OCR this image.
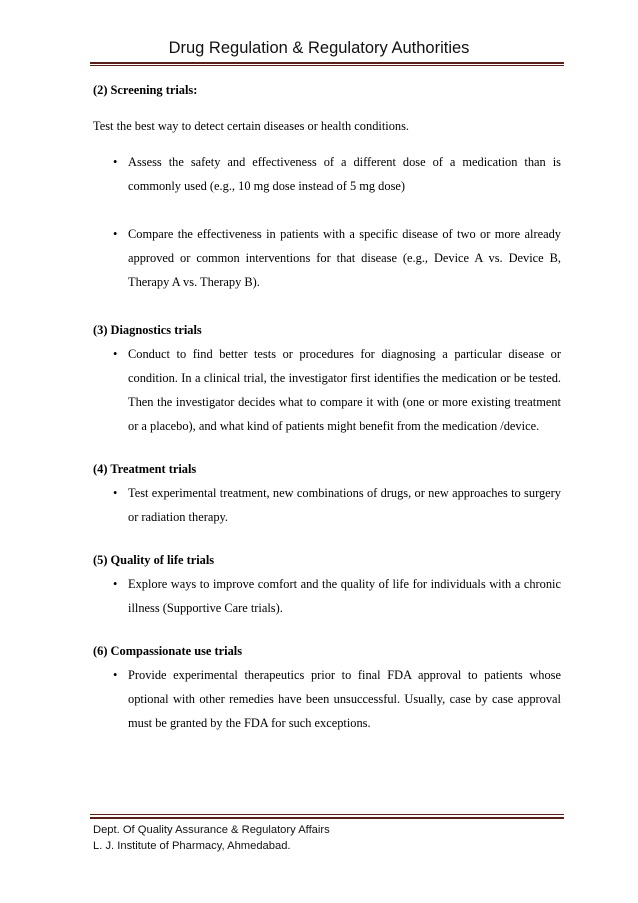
Drug Regulation & Regulatory Authorities
(2) Screening trials:
Test the best way to detect certain diseases or health conditions.
• Assess the safety and effectiveness of a different dose of a medication than is commonly used (e.g., 10 mg dose instead of 5 mg dose)
• Compare the effectiveness in patients with a specific disease of two or more already approved or common interventions for that disease (e.g., Device A vs. Device B, Therapy A vs. Therapy B).
(3) Diagnostics trials
• Conduct to find better tests or procedures for diagnosing a particular disease or condition. In a clinical trial, the investigator first identifies the medication or be tested. Then the investigator decides what to compare it with (one or more existing treatment or a placebo), and what kind of patients might benefit from the medication /device.
(4) Treatment trials
• Test experimental treatment, new combinations of drugs, or new approaches to surgery or radiation therapy.
(5) Quality of life trials
• Explore ways to improve comfort and the quality of life for individuals with a chronic illness (Supportive Care trials).
(6) Compassionate use trials
• Provide experimental therapeutics prior to final FDA approval to patients whose optional with other remedies have been unsuccessful. Usually, case by case approval must be granted by the FDA for such exceptions.
Dept. Of Quality Assurance & Regulatory Affairs
L. J. Institute of Pharmacy, Ahmedabad.
